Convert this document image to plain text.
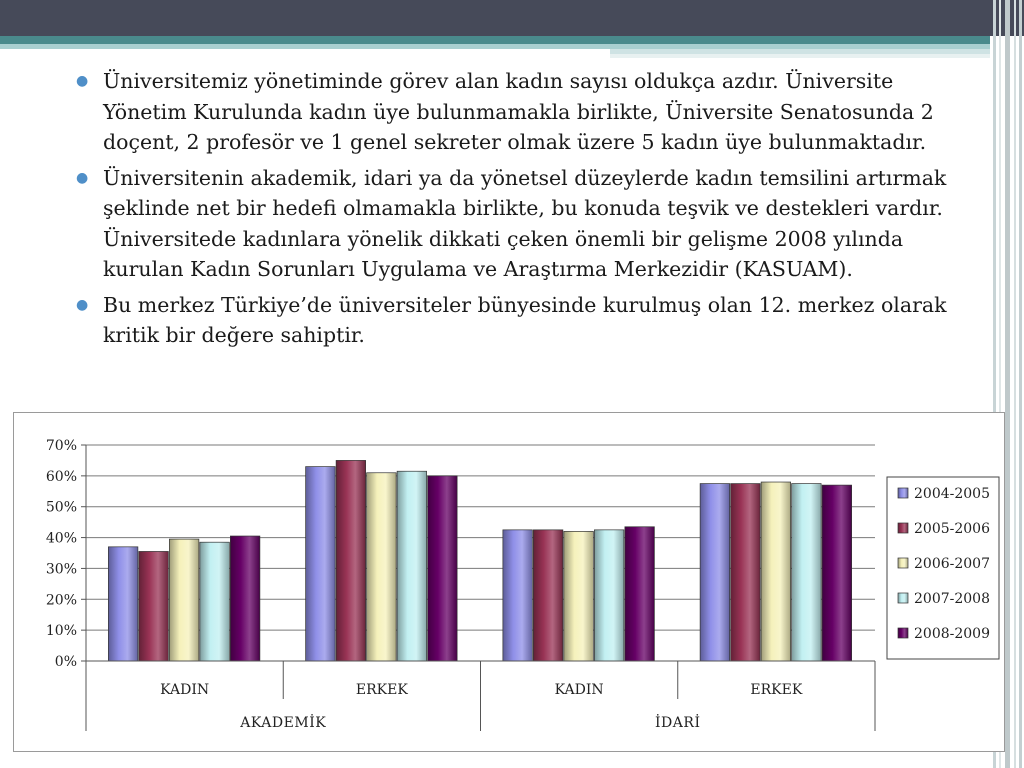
● Üniversitemiz yönetiminde görev alan kadın sayısı oldukça azdır. Üniversite Yönetim Kurulunda kadın üye bulunmamakla birlikte, Üniversite Senatosunda 2 doçent, 2 profesör ve 1 genel sekreter olmak üzere 5 kadın üye bulunmaktadır.
● Üniversitenin akademik, idari ya da yönetsel düzeylerde kadın temsilini artırmak şeklinde net bir hedefi olmamakla birlikte, bu konuda teşvik ve destekleri vardır. Üniversitede kadınlara yönelik dikkati çeken önemli bir gelişme 2008 yılında kurulan Kadın Sorunları Uygulama ve Araştırma Merkezidir (KASUAM).
● Bu merkez Türkiye’de üniversiteler bünyesinde kurulmuş olan 12. merkez olarak kritik bir değere sahiptir.
0%
10%
20%
30%
40%
50%
60%
70%
KADIN	ERKEK	KADIN	ERKEK
AKADEMİK	İDARİ
2004-2005
2005-2006
2006-2007
2007-2008
2008-2009
